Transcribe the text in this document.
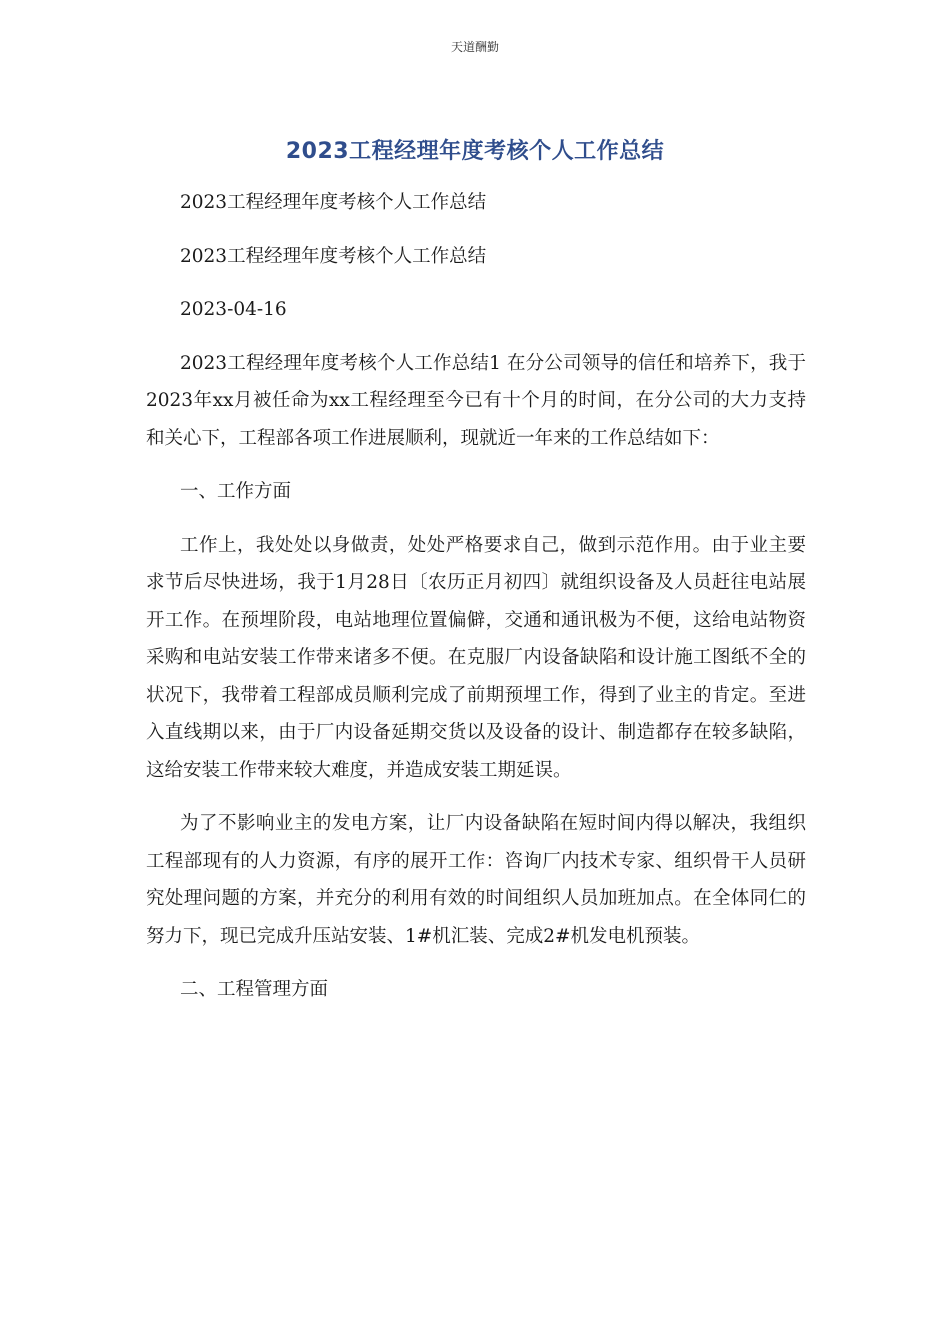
天道酬勤
2023工程经理年度考核个人工作总结

2023工程经理年度考核个人工作总结

2023工程经理年度考核个人工作总结

2023-04-16

2023工程经理年度考核个人工作总结1 在分公司领导的信任和培养下，我于2023年xx月被任命为xx工程经理至今已有十个月的时间，在分公司的大力支持和关心下，工程部各项工作进展顺利，现就近一年来的工作总结如下：

一、工作方面

工作上，我处处以身做责，处处严格要求自己，做到示范作用。由于业主要求节后尽快进场，我于1月28日〔农历正月初四〕就组织设备及人员赶往电站展开工作。在预埋阶段，电站地理位置偏僻，交通和通讯极为不便，这给电站物资采购和电站安装工作带来诸多不便。在克服厂内设备缺陷和设计施工图纸不全的状况下，我带着工程部成员顺利完成了前期预埋工作，得到了业主的肯定。至进入直线期以来，由于厂内设备延期交货以及设备的设计、制造都存在较多缺陷，这给安装工作带来较大难度，并造成安装工期延误。

为了不影响业主的发电方案，让厂内设备缺陷在短时间内得以解决，我组织工程部现有的人力资源，有序的展开工作：咨询厂内技术专家、组织骨干人员研究处理问题的方案，并充分的利用有效的时间组织人员加班加点。在全体同仁的努力下，现已完成升压站安装、1#机汇装、完成2#机发电机预装。

二、工程管理方面
